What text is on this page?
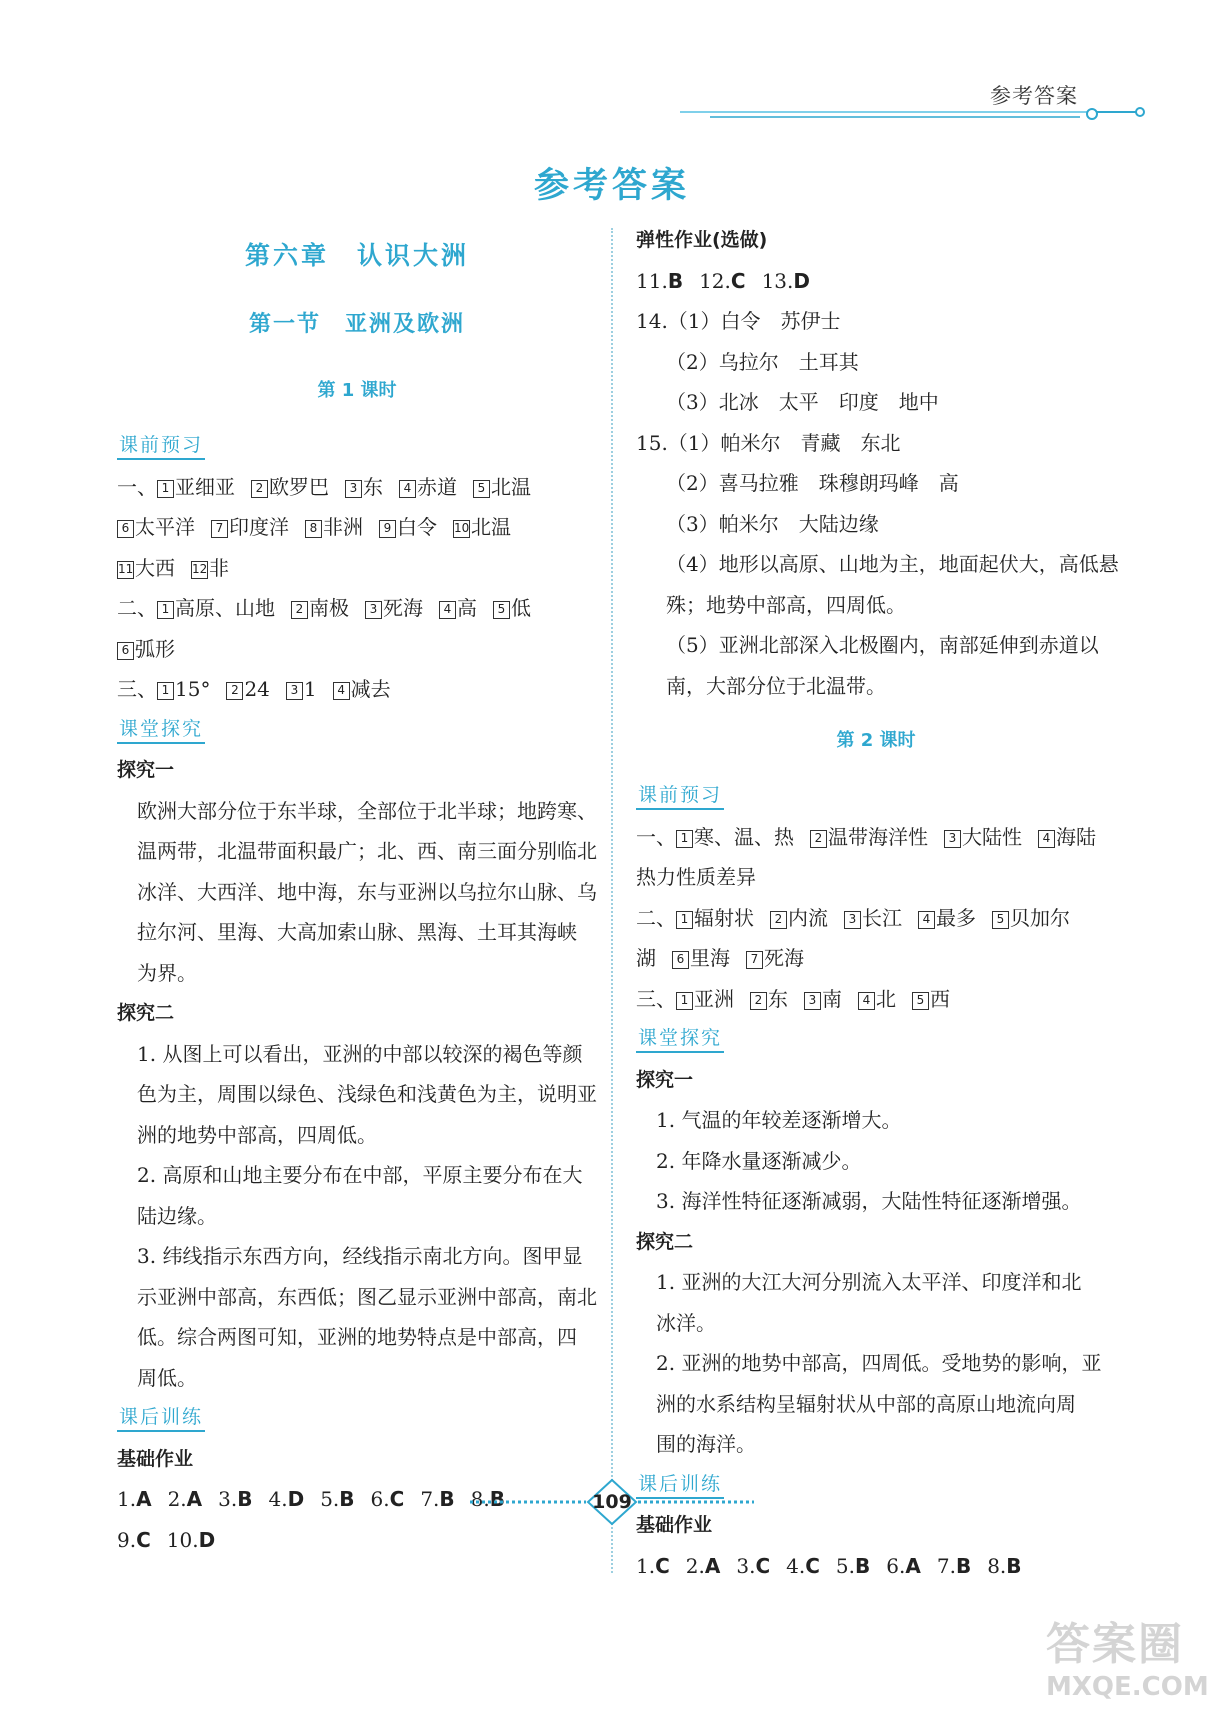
参考答案
参考答案
第六章　认识大洲
第一节　亚洲及欧洲
第 1 课时
课前预习
一、 1 亚细亚 2 欧罗巴 3 东 4 赤道 5 北温
6 太平洋 7 印度洋 8 非洲 9 白令 10北温
11大西 12非
二、 1 高原、山地 2 南极 3 死海 4 高 5 低
6 弧形
三、 1 15° 2 24 3 1 4 减去
课堂探究
探究一
欧洲大部分位于东半球，全部位于北半球；地跨寒、
温两带，北温带面积最广；北、西、南三面分别临北
冰洋、大西洋、地中海，东与亚洲以乌拉尔山脉、乌
拉尔河、里海、大高加索山脉、黑海、土耳其海峡
为界。
探究二
1. 从图上可以看出，亚洲的中部以较深的褐色等颜
色为主，周围以绿色、浅绿色和浅黄色为主，说明亚
洲的地势中部高，四周低。
2. 高原和山地主要分布在中部，平原主要分布在大
陆边缘。
3. 纬线指示东西方向，经线指示南北方向。图甲显
示亚洲中部高，东西低；图乙显示亚洲中部高，南北
低。综合两图可知，亚洲的地势特点是中部高，四
周低。
课后训练
基础作业
1.A 2.A 3.B 4.D 5.B 6.C 7.B 8.B
9.C 10.D
弹性作业(选做)
11.B 12.C 13.D
14.（1）白令　苏伊士
（2）乌拉尔　土耳其
（3）北冰　太平　印度　地中
15.（1）帕米尔　青藏　东北
（2）喜马拉雅　珠穆朗玛峰　高
（3）帕米尔　大陆边缘
（4）地形以高原、山地为主，地面起伏大，高低悬
殊；地势中部高，四周低。
（5）亚洲北部深入北极圈内，南部延伸到赤道以
南，大部分位于北温带。
第 2 课时
课前预习
一、 1 寒、温、热 2 温带海洋性 3 大陆性 4 海陆
热力性质差异
二、 1 辐射状 2 内流 3 长江 4 最多 5 贝加尔
湖 6 里海 7 死海
三、 1 亚洲 2 东 3 南 4 北 5 西
课堂探究
探究一
1. 气温的年较差逐渐增大。
2. 年降水量逐渐减少。
3. 海洋性特征逐渐减弱，大陆性特征逐渐增强。
探究二
1. 亚洲的大江大河分别流入太平洋、印度洋和北
冰洋。
2. 亚洲的地势中部高，四周低。受地势的影响，亚
洲的水系结构呈辐射状从中部的高原山地流向周
围的海洋。
课后训练
基础作业
1.C 2.A 3.C 4.C 5.B 6.A 7.B 8.B
109
答案圈
MXQE.COM
